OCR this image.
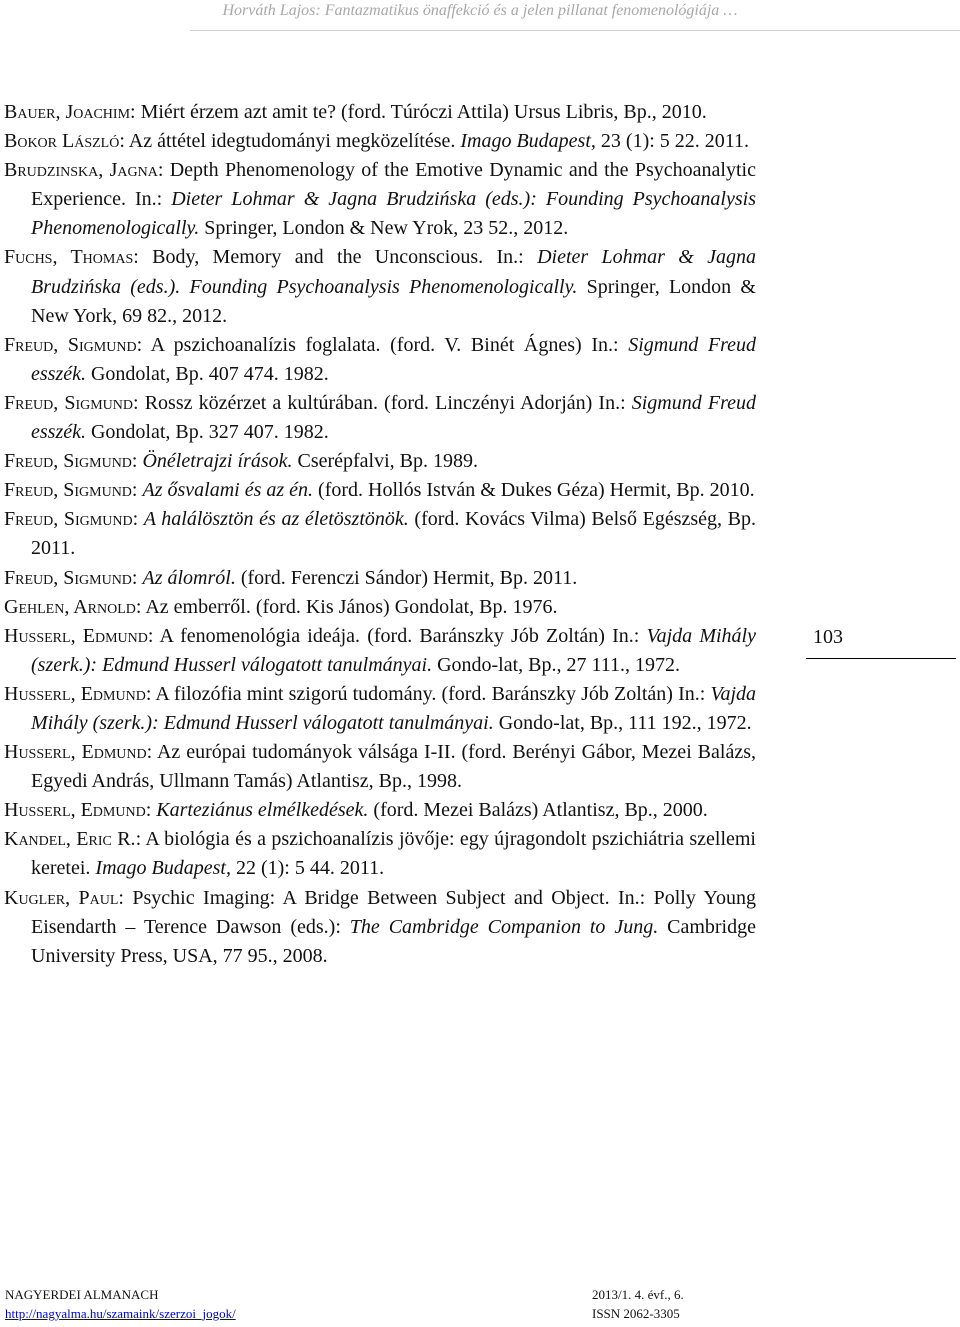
Horváth Lajos: Fantazmatikus önaffekció és a jelen pillanat fenomenológiája …
Bauer, Joachim: Miért érzem azt amit te? (ford. Túróczi Attila) Ursus Libris, Bp., 2010.
Bokor László: Az áttétel idegtudományi megközelítése. Imago Budapest, 23 (1): 5 22. 2011.
Brudzinska, Jagna: Depth Phenomenology of the Emotive Dynamic and the Psychoanalytic Experience. In.: Dieter Lohmar & Jagna Brudzińska (eds.): Founding Psychoanalysis Phenomenologically. Springer, London & New Yrok, 23 52., 2012.
Fuchs, Thomas: Body, Memory and the Unconscious. In.: Dieter Lohmar & Jagna Brudzińska (eds.). Founding Psychoanalysis Phenomenologically. Springer, London & New York, 69 82., 2012.
Freud, Sigmund: A pszichoanalízis foglalata. (ford. V. Binét Ágnes) In.: Sigmund Freud esszék. Gondolat, Bp. 407 474. 1982.
Freud, Sigmund: Rossz közérzet a kultúrában. (ford. Linczényi Adorján) In.: Sigmund Freud esszék. Gondolat, Bp. 327 407. 1982.
Freud, Sigmund: Önéletrajzi írások. Cserépfalvi, Bp. 1989.
Freud, Sigmund: Az ősvalami és az én. (ford. Hollós István & Dukes Géza) Hermit, Bp. 2010.
Freud, Sigmund: A halálösztön és az életösztönök. (ford. Kovács Vilma) Belső Egészség, Bp. 2011.
Freud, Sigmund: Az álomról. (ford. Ferenczi Sándor) Hermit, Bp. 2011.
Gehlen, Arnold: Az emberről. (ford. Kis János) Gondolat, Bp. 1976.
Husserl, Edmund: A fenomenológia ideája. (ford. Baránszky Jób Zoltán) In.: Vajda Mihály (szerk.): Edmund Husserl válogatott tanulmányai. Gondo-lat, Bp., 27 111., 1972.
Husserl, Edmund: A filozófia mint szigorú tudomány. (ford. Baránszky Jób Zoltán) In.: Vajda Mihály (szerk.): Edmund Husserl válogatott tanulmányai. Gondo-lat, Bp., 111 192., 1972.
Husserl, Edmund: Az európai tudományok válsága I-II. (ford. Berényi Gábor, Mezei Balázs, Egyedi András, Ullmann Tamás) Atlantisz, Bp., 1998.
Husserl, Edmund: Karteziánus elmélkedések. (ford. Mezei Balázs) Atlantisz, Bp., 2000.
Kandel, Eric R.: A biológia és a pszichoanalízis jövője: egy újragondolt pszichiátria szellemi keretei. Imago Budapest, 22 (1): 5 44. 2011.
Kugler, Paul: Psychic Imaging: A Bridge Between Subject and Object. In.: Polly Young Eisendarth – Terence Dawson (eds.): The Cambridge Companion to Jung. Cambridge University Press, USA, 77 95., 2008.
103
NAGYERDEI ALMANACH	2013/1. 4. évf., 6.
http://nagyalma.hu/szamaink/szerzoi_jogok/	ISSN 2062-3305
